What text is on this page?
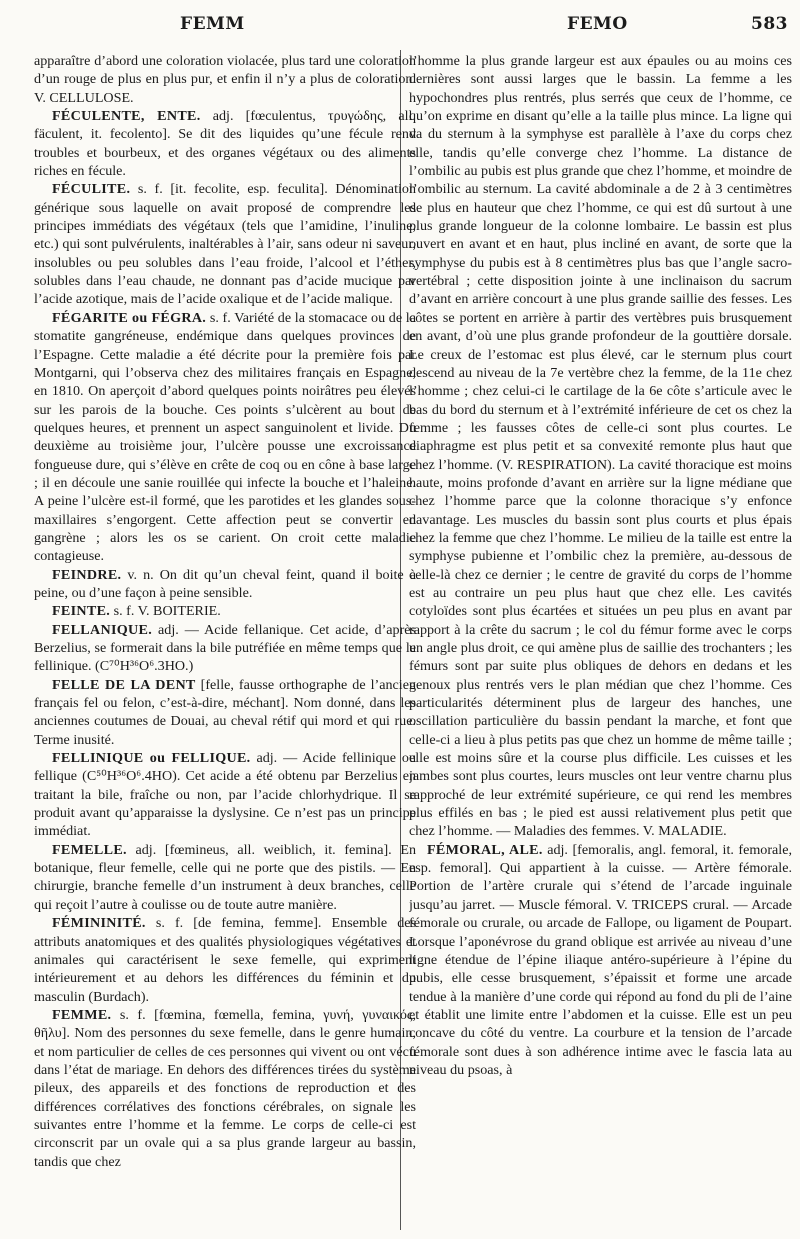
FEMM	FEMO	583

apparaître d’abord une coloration violacée, plus tard une coloration d’un rouge de plus en plus pur, et enfin il n’y a plus de coloration. V. CELLULOSE.

FÉCULENTE, ENTE. adj. [fœculentus, τρυγώδης, all. fäculent, it. fecolento]. Se dit des liquides qu’une fécule rend troubles et bourbeux, et des organes végétaux ou des aliments riches en fécule.

FÉCULITE. s. f. [it. fecolite, esp. feculita]. Dénomination générique sous laquelle on avait proposé de comprendre les principes immédiats des végétaux (tels que l’amidine, l’inuline, etc.) qui sont pulvérulents, inaltérables à l’air, sans odeur ni saveur, insolubles ou peu solubles dans l’eau froide, l’alcool et l’éther, solubles dans l’eau chaude, ne donnant pas d’acide mucique par l’acide azotique, mais de l’acide oxalique et de l’acide malique.

FÉGARITE ou FÉGRA. s. f. Variété de la stomacace ou de la stomatite gangréneuse, endémique dans quelques provinces de l’Espagne. Cette maladie a été décrite pour la première fois par Montgarni, qui l’observa chez des militaires français en Espagne, en 1810. On aperçoit d’abord quelques points noirâtres peu élevés sur les parois de la bouche. Ces points s’ulcèrent au bout de quelques heures, et prennent un aspect sanguinolent et livide. Du deuxième au troisième jour, l’ulcère pousse une excroissance fongueuse dure, qui s’élève en crête de coq ou en cône à base large ; il en découle une sanie rouillée qui infecte la bouche et l’haleine. A peine l’ulcère est-il formé, que les parotides et les glandes sous-maxillaires s’engorgent. Cette affection peut se convertir en gangrène ; alors les os se carient. On croit cette maladie contagieuse.

FEINDRE. v. n. On dit qu’un cheval feint, quand il boite à peine, ou d’une façon à peine sensible.

FEINTE. s. f. V. BOITERIE.

FELLANIQUE. adj. — Acide fellanique. Cet acide, d’après Berzelius, se formerait dans la bile putréfiée en même temps que le fellinique. (C⁷⁰H³⁶O⁶.3HO.)

FELLE DE LA DENT [felle, fausse orthographe de l’ancien français fel ou felon, c’est-à-dire, méchant]. Nom donné, dans les anciennes coutumes de Douai, au cheval rétif qui mord et qui rue. Terme inusité.

FELLINIQUE ou FELLIQUE. adj. — Acide fellinique ou fellique (C⁵⁰H³⁶O⁶.4HO). Cet acide a été obtenu par Berzelius en traitant la bile, fraîche ou non, par l’acide chlorhydrique. Il se produit avant qu’apparaisse la dyslysine. Ce n’est pas un principe immédiat.

FEMELLE. adj. [fœmineus, all. weiblich, it. femina]. En botanique, fleur femelle, celle qui ne porte que des pistils. — En chirurgie, branche femelle d’un instrument à deux branches, celle qui reçoit l’autre à coulisse ou de toute autre manière.

FÉMININITÉ. s. f. [de femina, femme]. Ensemble des attributs anatomiques et des qualités physiologiques végétatives et animales qui caractérisent le sexe femelle, qui expriment intérieurement et au dehors les différences du féminin et du masculin (Burdach).

FEMME. s. f. [fœmina, fœmella, femina, γυνή, γυναικός, θῆλυ]. Nom des personnes du sexe femelle, dans le genre humain, et nom particulier de celles de ces personnes qui vivent ou ont vécu dans l’état de mariage. En dehors des différences tirées du système pileux, des appareils et des fonctions de reproduction et des différences corrélatives des fonctions cérébrales, on signale les suivantes entre l’homme et la femme. Le corps de celle-ci est circonscrit par un ovale qui a sa plus grande largeur au bassin, tandis que chez

l’homme la plus grande largeur est aux épaules ou au moins ces dernières sont aussi larges que le bassin. La femme a les hypochondres plus rentrés, plus serrés que ceux de l’homme, ce qu’on exprime en disant qu’elle a la taille plus mince. La ligne qui va du sternum à la symphyse est parallèle à l’axe du corps chez elle, tandis qu’elle converge chez l’homme. La distance de l’ombilic au pubis est plus grande que chez l’homme, et moindre de l’ombilic au sternum. La cavité abdominale a de 2 à 3 centimètres de plus en hauteur que chez l’homme, ce qui est dû surtout à une plus grande longueur de la colonne lombaire. Le bassin est plus ouvert en avant et en haut, plus incliné en avant, de sorte que la symphyse du pubis est à 8 centimètres plus bas que l’angle sacro-vertébral ; cette disposition jointe à une inclinaison du sacrum d’avant en arrière concourt à une plus grande saillie des fesses. Les côtes se portent en arrière à partir des vertèbres puis brusquement en avant, d’où une plus grande profondeur de la gouttière dorsale. Le creux de l’estomac est plus élevé, car le sternum plus court descend au niveau de la 7e vertèbre chez la femme, de la 11e chez l’homme ; chez celui-ci le cartilage de la 6e côte s’articule avec le bas du bord du sternum et à l’extrémité inférieure de cet os chez la femme ; les fausses côtes de celle-ci sont plus courtes. Le diaphragme est plus petit et sa convexité remonte plus haut que chez l’homme. (V. RESPIRATION). La cavité thoracique est moins haute, moins profonde d’avant en arrière sur la ligne médiane que chez l’homme parce que la colonne thoracique s’y enfonce davantage. Les muscles du bassin sont plus courts et plus épais chez la femme que chez l’homme. Le milieu de la taille est entre la symphyse pubienne et l’ombilic chez la première, au-dessous de celle-là chez ce dernier ; le centre de gravité du corps de l’homme est au contraire un peu plus haut que chez elle. Les cavités cotyloïdes sont plus écartées et situées un peu plus en avant par rapport à la crête du sacrum ; le col du fémur forme avec le corps un angle plus droit, ce qui amène plus de saillie des trochanters ; les fémurs sont par suite plus obliques de dehors en dedans et les genoux plus rentrés vers le plan médian que chez l’homme. Ces particularités déterminent plus de largeur des hanches, une oscillation particulière du bassin pendant la marche, et font que celle-ci a lieu à plus petits pas que chez un homme de même taille ; elle est moins sûre et la course plus difficile. Les cuisses et les jambes sont plus courtes, leurs muscles ont leur ventre charnu plus rapproché de leur extrémité supérieure, ce qui rend les membres plus effilés en bas ; le pied est aussi relativement plus petit que chez l’homme. — Maladies des femmes. V. MALADIE.

FÉMORAL, ALE. adj. [femoralis, angl. femoral, it. femorale, esp. femoral]. Qui appartient à la cuisse. — Artère fémorale. Portion de l’artère crurale qui s’étend de l’arcade inguinale jusqu’au jarret. — Muscle fémoral. V. TRICEPS crural. — Arcade fémorale ou crurale, ou arcade de Fallope, ou ligament de Poupart. Lorsque l’aponévrose du grand oblique est arrivée au niveau d’une ligne étendue de l’épine iliaque antéro-supérieure à l’épine du pubis, elle cesse brusquement, s’épaissit et forme une arcade tendue à la manière d’une corde qui répond au fond du pli de l’aine et établit une limite entre l’abdomen et la cuisse. Elle est un peu concave du côté du ventre. La courbure et la tension de l’arcade fémorale sont dues à son adhérence intime avec le fascia lata au niveau du psoas, à
